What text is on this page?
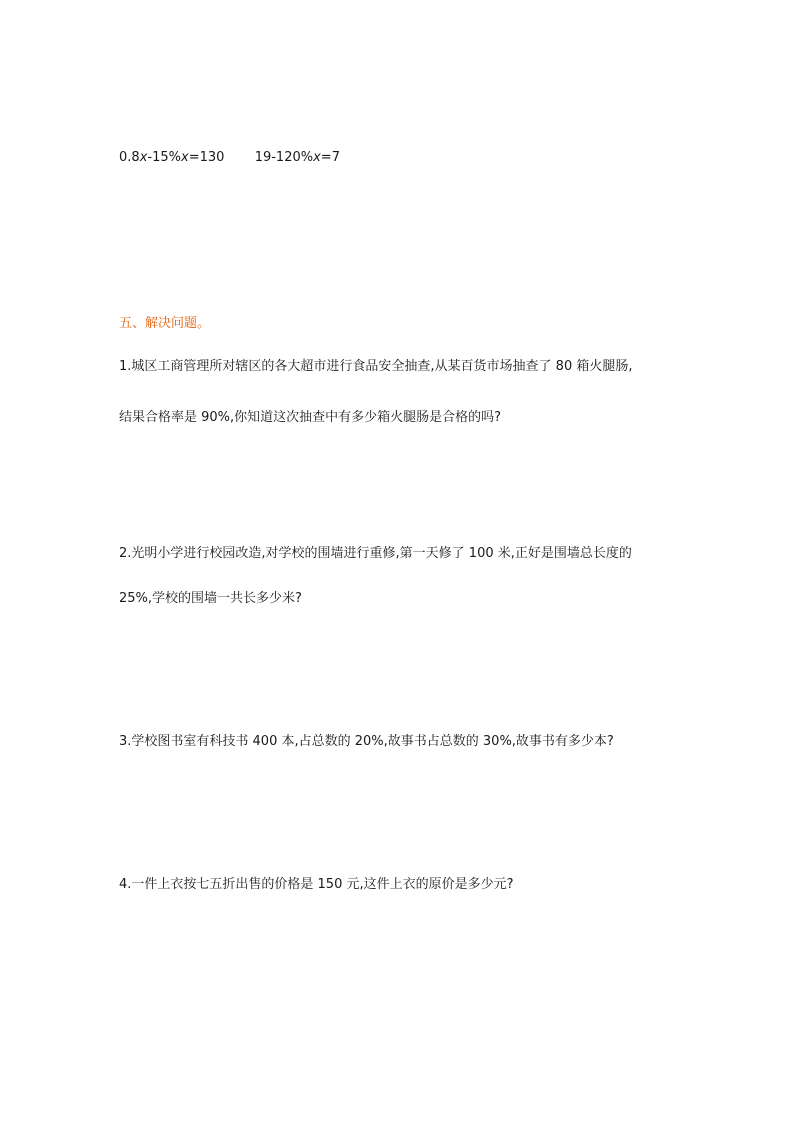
0.8x-15%x=130 19-120%x=7
五、解决问题。
1.城区工商管理所对辖区的各大超市进行食品安全抽查,从某百货市场抽查了 80 箱火腿肠,
结果合格率是 90%,你知道这次抽查中有多少箱火腿肠是合格的吗?
2.光明小学进行校园改造,对学校的围墙进行重修,第一天修了 100 米,正好是围墙总长度的
25%,学校的围墙一共长多少米?
3.学校图书室有科技书 400 本,占总数的 20%,故事书占总数的 30%,故事书有多少本?
4.一件上衣按七五折出售的价格是 150 元,这件上衣的原价是多少元?
